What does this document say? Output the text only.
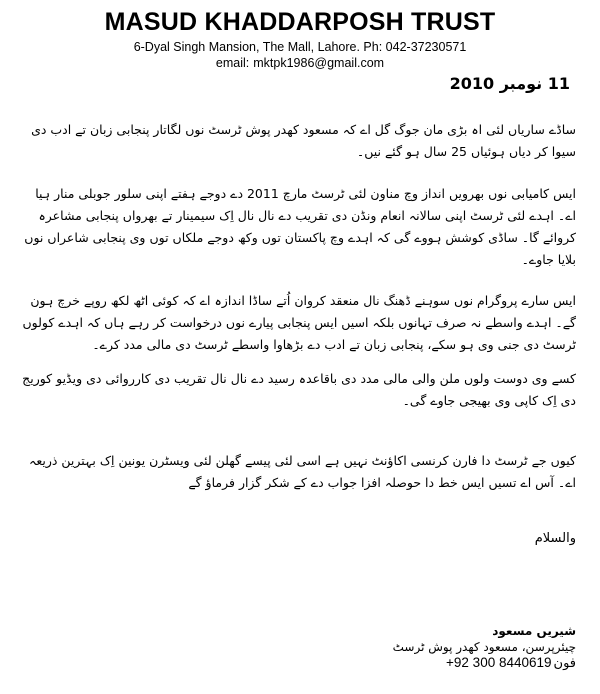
MASUD KHADDARPOSH TRUST

6-Dyal Singh Mansion, The Mall, Lahore. Ph: 042-37230571

email: mktpk1986@gmail.com

11 نومبر 2010

ساڈے ساریاں لئی اہ بڑی مان جوگ گل اے کہ مسعود کھدر پوش ٹرسٹ نوں لگاتار پنجابی زبان تے ادب دی سیوا کر دیاں ہوئیاں 25 سال ہو گئے نیں۔

ایس کامیابی نوں بھرویں انداز وچ مناون لئی ٹرسٹ مارچ 2011 دے دوجے ہفتے اپنی سلور جوبلی منار ہیا اے۔ اہدے لئی ٹرسٹ اپنی سالانہ انعام ونڈن دی تقریب دے نال نال اِک سیمینار تے بھرواں پنجابی مشاعرہ کروائے گا۔ ساڈی کوشش ہووے گی کہ اہدے وچ پاکستان توں وکھ دوجے ملکاں توں وی پنجابی شاعراں نوں بلایا جاوے۔

ایس سارے پروگرام نوں سوہنے ڈھنگ نال منعقد کروان اُتے ساڈا اندازہ اے کہ کوئی اٹھ لکھ روپے خرچ ہون گے۔ اہدے واسطے نہ صرف تہانوں بلکہ اسیں ایس پنجابی پیارے نوں درخواست کر رہے ہاں کہ اہدے کولوں ٹرسٹ دی جنی وی ہو سکے، پنجابی زبان تے ادب دے بڑھاوا واسطے ٹرسٹ دی مالی مدد کرے۔

کسے وی دوست ولوں ملن والی مالی مدد دی باقاعدہ رسید دے نال نال تقریب دی کارروائی دی ویڈیو کوریج دی اِک کاپی وی بھیجی جاوے گی۔

کیوں جے ٹرسٹ دا فارن کرنسی اکاؤنٹ نہیں ہے اسی لئی پیسے گھلن لئی ویسٹرن یونین اِک بہترین ذریعہ اے۔ آس اے تسیں ایس خط دا حوصلہ افزا جواب دے کے شکر گزار فرماؤ گے

والسلام

شیریں مسعود

چیئرپرسن، مسعود کھدر پوش ٹرسٹ

فون+92 300 8440619
